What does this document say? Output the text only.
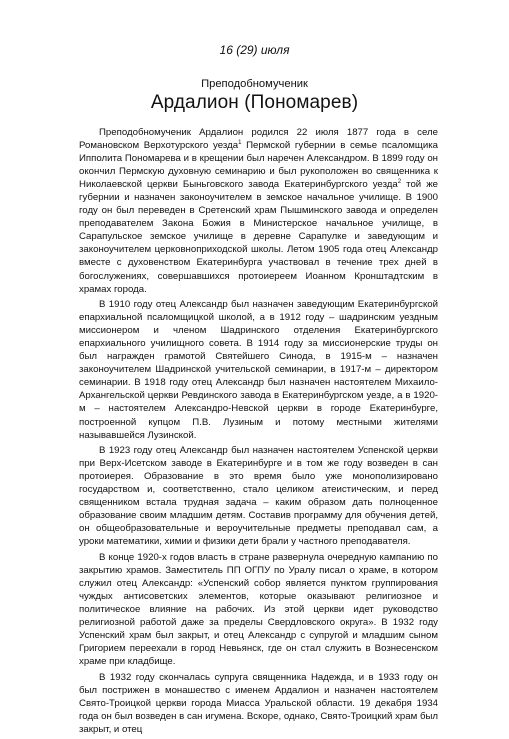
16 (29) июля
Преподобномученик
Ардалион (Пономарев)

Преподобномученик Ардалион родился 22 июля 1877 года в селе Романовском Верхотурского уезда$^1$ Пермской губернии в семье псаломщика Ипполита Пономарева и в крещении был наречен Александром. В 1899 году он окончил Пермскую духовную семинарию и был рукоположен во священника к Николаевской церкви Быньговского завода Екатеринбургского уезда$^2$ той же губернии и назначен законоучителем в земское начальное училище. В 1900 году он был переведен в Сретенский храм Пышминского завода и определен преподавателем Закона Божия в Министерское начальное училище, в Сарапульское земское училище в деревне Сарапулке и заведующим и законоучителем церковноприходской школы. Летом 1905 года отец Александр вместе с духовенством Екатеринбурга участвовал в течение трех дней в богослужениях, совершавшихся протоиереем Иоанном Кронштадтским в храмах города.

В 1910 году отец Александр был назначен заведующим Екатеринбургской епархиальной псаломщицкой школой, а в 1912 году – шадринским уездным миссионером и членом Шадринского отделения Екатеринбургского епархиального училищного совета. В 1914 году за миссионерские труды он был награжден грамотой Святейшего Синода, в 1915-м – назначен законоучителем Шадринской учительской семинарии, в 1917-м – директором семинарии. В 1918 году отец Александр был назначен настоятелем Михаило-Архангельской церкви Ревдинского завода в Екатеринбургском уезде, а в 1920-м – настоятелем Александро-Невской церкви в городе Екатеринбурге, построенной купцом П.В. Лузиным и потому местными жителями называвшейся Лузинской.

В 1923 году отец Александр был назначен настоятелем Успенской церкви при Верх-Исетском заводе в Екатеринбурге и в том же году возведен в сан протоиерея. Образование в это время было уже монополизировано государством и, соответственно, стало целиком атеистическим, и перед священником встала трудная задача – каким образом дать полноценное образование своим младшим детям. Составив программу для обучения детей, он общеобразовательные и вероучительные предметы преподавал сам, а уроки математики, химии и физики дети брали у частного преподавателя.

В конце 1920-х годов власть в стране развернула очередную кампанию по закрытию храмов. Заместитель ПП ОГПУ по Уралу писал о храме, в котором служил отец Александр: «Успенский собор является пунктом группирования чуждых антисоветских элементов, которые оказывают религиозное и политическое влияние на рабочих. Из этой церкви идет руководство религиозной работой даже за пределы Свердловского округа». В 1932 году Успенский храм был закрыт, и отец Александр с супругой и младшим сыном Григорием переехали в город Невьянск, где он стал служить в Вознесенском храме при кладбище.

В 1932 году скончалась супруга священника Надежда, и в 1933 году он был пострижен в монашество с именем Ардалион и назначен настоятелем Свято-Троицкой церкви города Миасса Уральской области. 19 декабря 1934 года он был возведен в сан игумена. Вскоре, однако, Свято-Троицкий храм был закрыт, и отец
